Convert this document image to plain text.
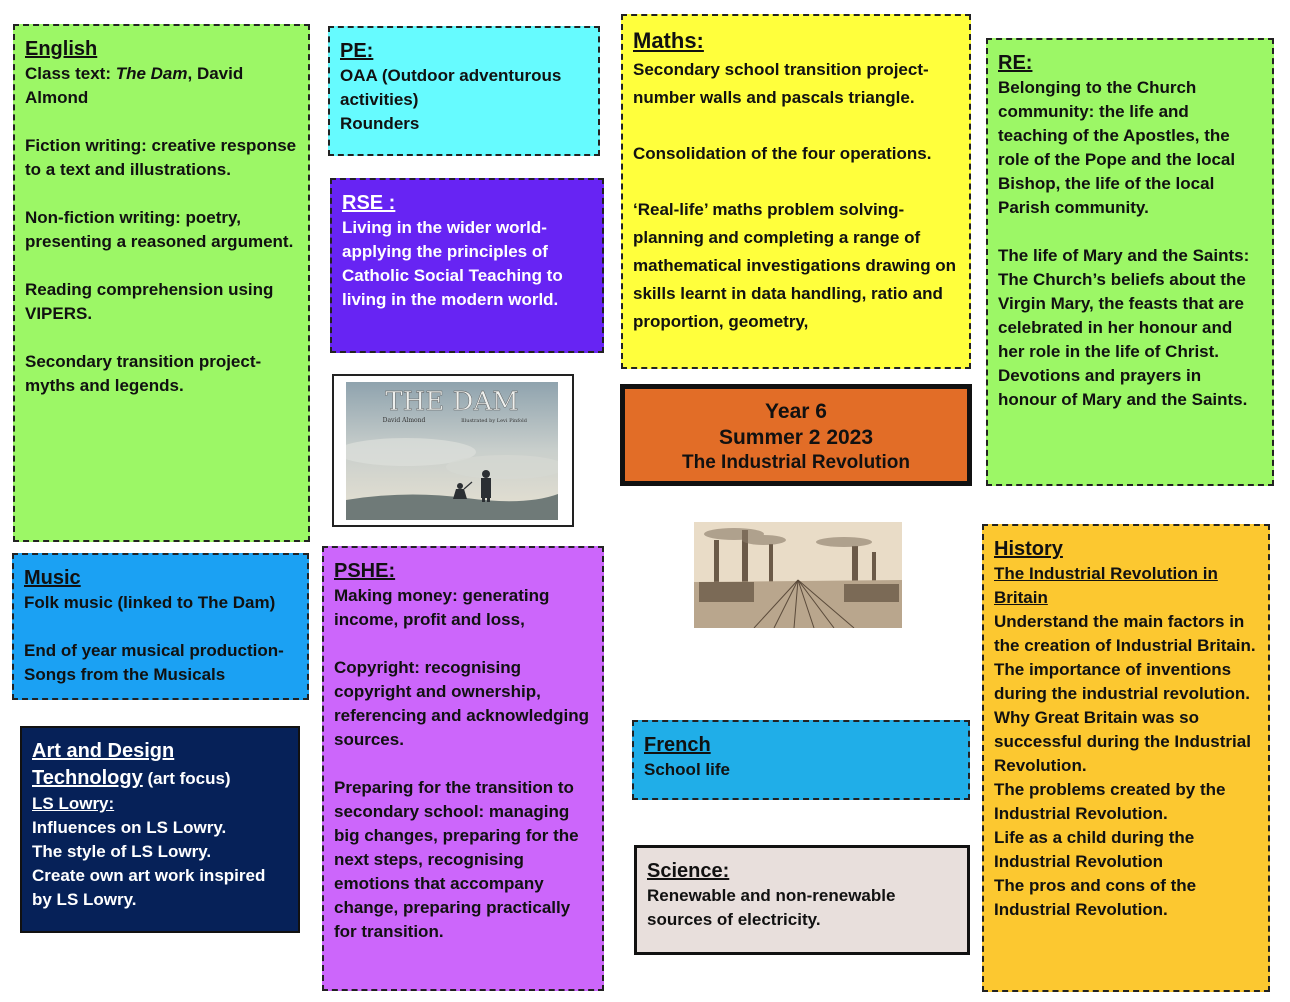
English

Class text: The Dam, David Almond

Fiction writing: creative response to a text and illustrations.

Non-fiction writing: poetry, presenting a reasoned argument.

Reading comprehension using VIPERS.

Secondary transition project- myths and legends.

Music

Folk music (linked to The Dam)

End of year musical production- Songs from the Musicals

Art and Design Technology (art focus)

LS Lowry:

Influences on LS Lowry.

The style of LS Lowry.

Create own art work inspired by LS Lowry.

PE:

OAA (Outdoor adventurous activities)

Rounders

RSE :

Living in the wider world- applying the principles of Catholic Social Teaching to living in the modern world.

THE DAM
David Almond	Illustrated by Levi Pinfold
PSHE:

Making money: generating income, profit and loss,

Copyright: recognising copyright and ownership, referencing and acknowledging sources.

Preparing for the transition to secondary school: managing big changes, preparing for the next steps, recognising emotions that accompany change, preparing practically for transition.

Maths:

Secondary school transition project- number walls and pascals triangle.

Consolidation of the four operations.

‘Real-life’ maths problem solving- planning and completing a range of mathematical investigations drawing on skills learnt in data handling, ratio and proportion, geometry,

Year 6
Summer 2 2023
The Industrial Revolution
French

School life

Science:

Renewable and non-renewable sources of electricity.

RE:

Belonging to the Church community: the life and teaching of the Apostles, the role of the Pope and the local Bishop, the life of the local Parish community.

The life of Mary and the Saints: The Church’s beliefs about the Virgin Mary, the feasts that are celebrated in her honour and her role in the life of Christ. Devotions and prayers in honour of Mary and the Saints.

History

The Industrial Revolution in Britain

Understand the main factors in the creation of Industrial Britain.

The importance of inventions during the industrial revolution.

Why Great Britain was so successful during the Industrial Revolution.

The problems created by the Industrial Revolution.

Life as a child during the Industrial Revolution

The pros and cons of the Industrial Revolution.
